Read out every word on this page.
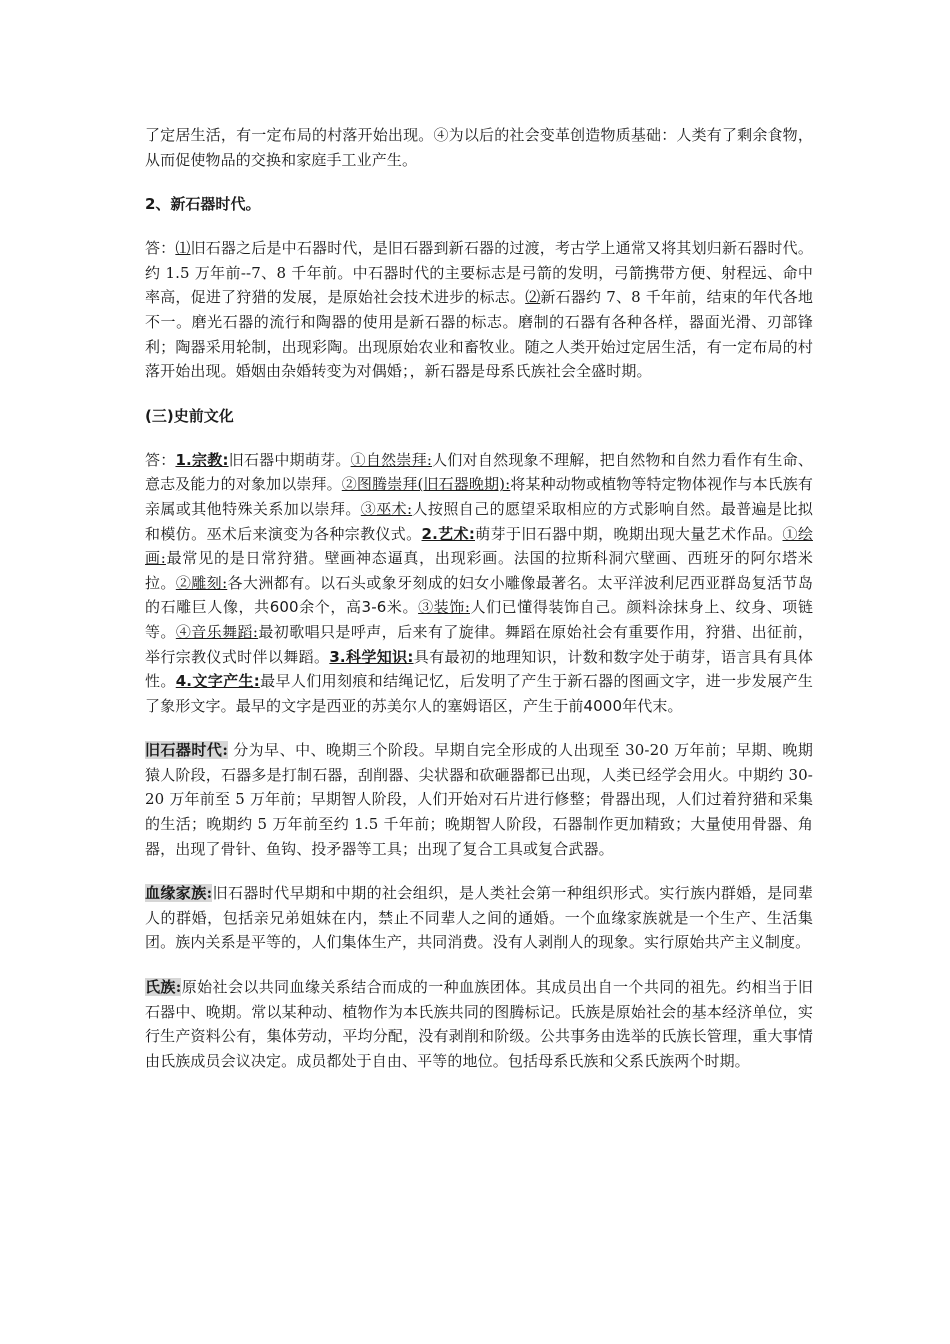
了定居生活，有一定布局的村落开始出现。④为以后的社会变革创造物质基础：人类有了剩余食物，从而促使物品的交换和家庭手工业产生。

2、新石器时代。

答：⑴旧石器之后是中石器时代，是旧石器到新石器的过渡，考古学上通常又将其划归新石器时代。约 1.5 万年前--7、8 千年前。中石器时代的主要标志是弓箭的发明，弓箭携带方便、射程远、命中率高，促进了狩猎的发展，是原始社会技术进步的标志。⑵新石器约 7、8 千年前，结束的年代各地不一。磨光石器的流行和陶器的使用是新石器的标志。磨制的石器有各种各样，器面光滑、刃部锋利；陶器采用轮制，出现彩陶。出现原始农业和畜牧业。随之人类开始过定居生活，有一定布局的村落开始出现。婚姻由杂婚转变为对偶婚；，新石器是母系氏族社会全盛时期。

(三)史前文化

答：1.宗教:旧石器中期萌芽。①自然崇拜:人们对自然现象不理解，把自然物和自然力看作有生命、意志及能力的对象加以崇拜。②图腾崇拜(旧石器晚期):将某种动物或植物等特定物体视作与本氏族有亲属或其他特殊关系加以崇拜。③巫术:人按照自己的愿望采取相应的方式影响自然。最普遍是比拟和模仿。巫术后来演变为各种宗教仪式。2.艺术:萌芽于旧石器中期，晚期出现大量艺术作品。①绘画:最常见的是日常狩猎。壁画神态逼真，出现彩画。法国的拉斯科洞穴壁画、西班牙的阿尔塔米拉。②雕刻:各大洲都有。以石头或象牙刻成的妇女小雕像最著名。太平洋波利尼西亚群岛复活节岛的石雕巨人像，共600余个，高3-6米。③装饰:人们已懂得装饰自己。颜料涂抹身上、纹身、项链等。④音乐舞蹈:最初歌唱只是呼声，后来有了旋律。舞蹈在原始社会有重要作用，狩猎、出征前，举行宗教仪式时伴以舞蹈。3.科学知识:具有最初的地理知识，计数和数字处于萌芽，语言具有具体性。4.文字产生:最早人们用刻痕和结绳记忆，后发明了产生于新石器的图画文字，进一步发展产生了象形文字。最早的文字是西亚的苏美尔人的塞姆语区，产生于前4000年代末。

旧石器时代: 分为早、中、晚期三个阶段。早期自完全形成的人出现至 30-20 万年前；早期、晚期猿人阶段，石器多是打制石器，刮削器、尖状器和砍砸器都已出现，人类已经学会用火。中期约 30-20 万年前至 5 万年前；早期智人阶段，人们开始对石片进行修整；骨器出现，人们过着狩猎和采集的生活；晚期约 5 万年前至约 1.5 千年前；晚期智人阶段，石器制作更加精致；大量使用骨器、角器，出现了骨针、鱼钩、投矛器等工具；出现了复合工具或复合武器。

血缘家族:旧石器时代早期和中期的社会组织，是人类社会第一种组织形式。实行族内群婚，是同辈人的群婚，包括亲兄弟姐妹在内，禁止不同辈人之间的通婚。一个血缘家族就是一个生产、生活集团。族内关系是平等的，人们集体生产，共同消费。没有人剥削人的现象。实行原始共产主义制度。

氏族:原始社会以共同血缘关系结合而成的一种血族团体。其成员出自一个共同的祖先。约相当于旧石器中、晚期。常以某种动、植物作为本氏族共同的图腾标记。氏族是原始社会的基本经济单位，实行生产资料公有，集体劳动，平均分配，没有剥削和阶级。公共事务由选举的氏族长管理，重大事情由氏族成员会议决定。成员都处于自由、平等的地位。包括母系氏族和父系氏族两个时期。
